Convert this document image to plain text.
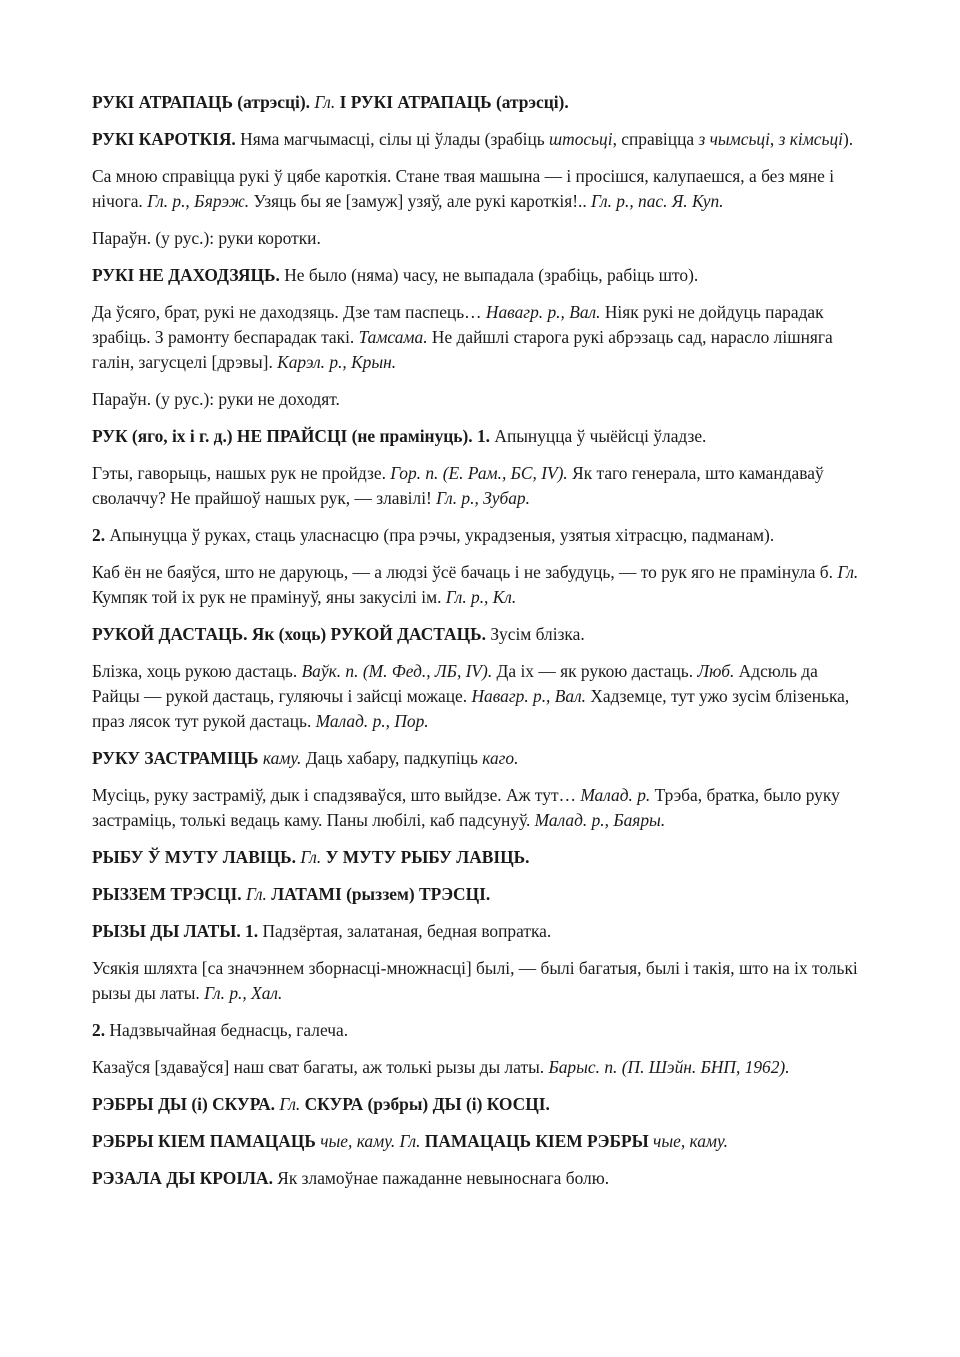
РУКІ АТРАПАЦЬ (атрэсці). Гл. І РУКІ АТРАПАЦЬ (атрэсці).

РУКІ КАРОТКІЯ. Няма магчымасці, сілы ці ўлады (зрабіць штосьці, справіцца з чымсьці, з кімсьці).

Са мною справіцца рукі ў цябе кароткія. Стане твая машына — і просішся, калупаешся, а без мяне і нічога. Гл. р., Бярэж. Узяць бы яе [замуж] узяў, але рукі кароткія!.. Гл. р., пас. Я. Куп.

Параўн. (у рус.): руки коротки.

РУКІ НЕ ДАХОДЗЯЦЬ. Не было (няма) часу, не выпадала (зрабіць, рабіць што).

Да ўсяго, брат, рукі не даходзяць. Дзе там паспець… Навагр. р., Вал. Ніяк рукі не дойдуць парадак зрабіць. З рамонту беспарадак такі. Тамсама. Не дайшлі старога рукі абрэзаць сад, нарасло лішняга галін, загусцелі [дрэвы]. Карэл. р., Крын.

Параўн. (у рус.): руки не доходят.

РУК (яго, іх і г. д.) НЕ ПРАЙСЦІ (не прамінуць). 1. Апынуцца ў чыёйсці ўладзе.

Гэты, гаворыць, нашых рук не пройдзе. Гор. п. (Е. Рам., БС, IV). Як таго генерала, што камандаваў сволаччу? Не прайшоў нашых рук, — злавілі! Гл. р., Зубар.

2. Апынуцца ў руках, стаць уласнасцю (пра рэчы, украдзеныя, узятыя хітрасцю, падманам).

Каб ён не баяўся, што не даруюць, — а людзі ўсё бачаць і не забудуць, — то рук яго не прамінула б. Гл. Кумпяк той іх рук не прамінуў, яны закусілі ім. Гл. р., Кл.

РУКОЙ ДАСТАЦЬ. Як (хоць) РУКОЙ ДАСТАЦЬ. Зусім блізка.

Блізка, хоць рукою дастаць. Ваўк. п. (М. Фед., ЛБ, IV). Да іх — як рукою дастаць. Люб. Адсюль да Райцы — рукой дастаць, гуляючы і зайсці можаце. Навагр. р., Вал. Хадземце, тут ужо зусім блізенька, праз лясок тут рукой дастаць. Малад. р., Пор.

РУКУ ЗАСТРАМІЦЬ каму. Даць хабару, падкупіць каго.

Мусіць, руку застраміў, дык і спадзяваўся, што выйдзе. Аж тут… Малад. р. Трэба, братка, было руку застраміць, толькі ведаць каму. Паны любілі, каб падсунуў. Малад. р., Баяры.

РЫБУ Ў МУТУ ЛАВІЦЬ. Гл. У МУТУ РЫБУ ЛАВІЦЬ.

РЫЗЗЕМ ТРЭСЦІ. Гл. ЛАТАМІ (рыззем) ТРЭСЦІ.

РЫЗЫ ДЫ ЛАТЫ. 1. Падзёртая, залатаная, бедная вопратка.

Усякія шляхта [са значэннем зборнасці-множнасці] былі, — былі багатыя, былі і такія, што на іх толькі рызы ды латы. Гл. р., Хал.

2. Надзвычайная беднасць, галеча.

Казаўся [здаваўся] наш сват багаты, аж толькі рызы ды латы. Барыс. п. (П. Шэйн. БНП, 1962).

РЭБРЫ ДЫ (і) СКУРА. Гл. СКУРА (рэбры) ДЫ (і) КОСЦІ.

РЭБРЫ КІЕМ ПАМАЦАЦЬ чые, каму. Гл. ПАМАЦАЦЬ КІЕМ РЭБРЫ чые, каму.

РЭЗАЛА ДЫ КРОІЛА. Як зламоўнае пажаданне невыноснага болю.
